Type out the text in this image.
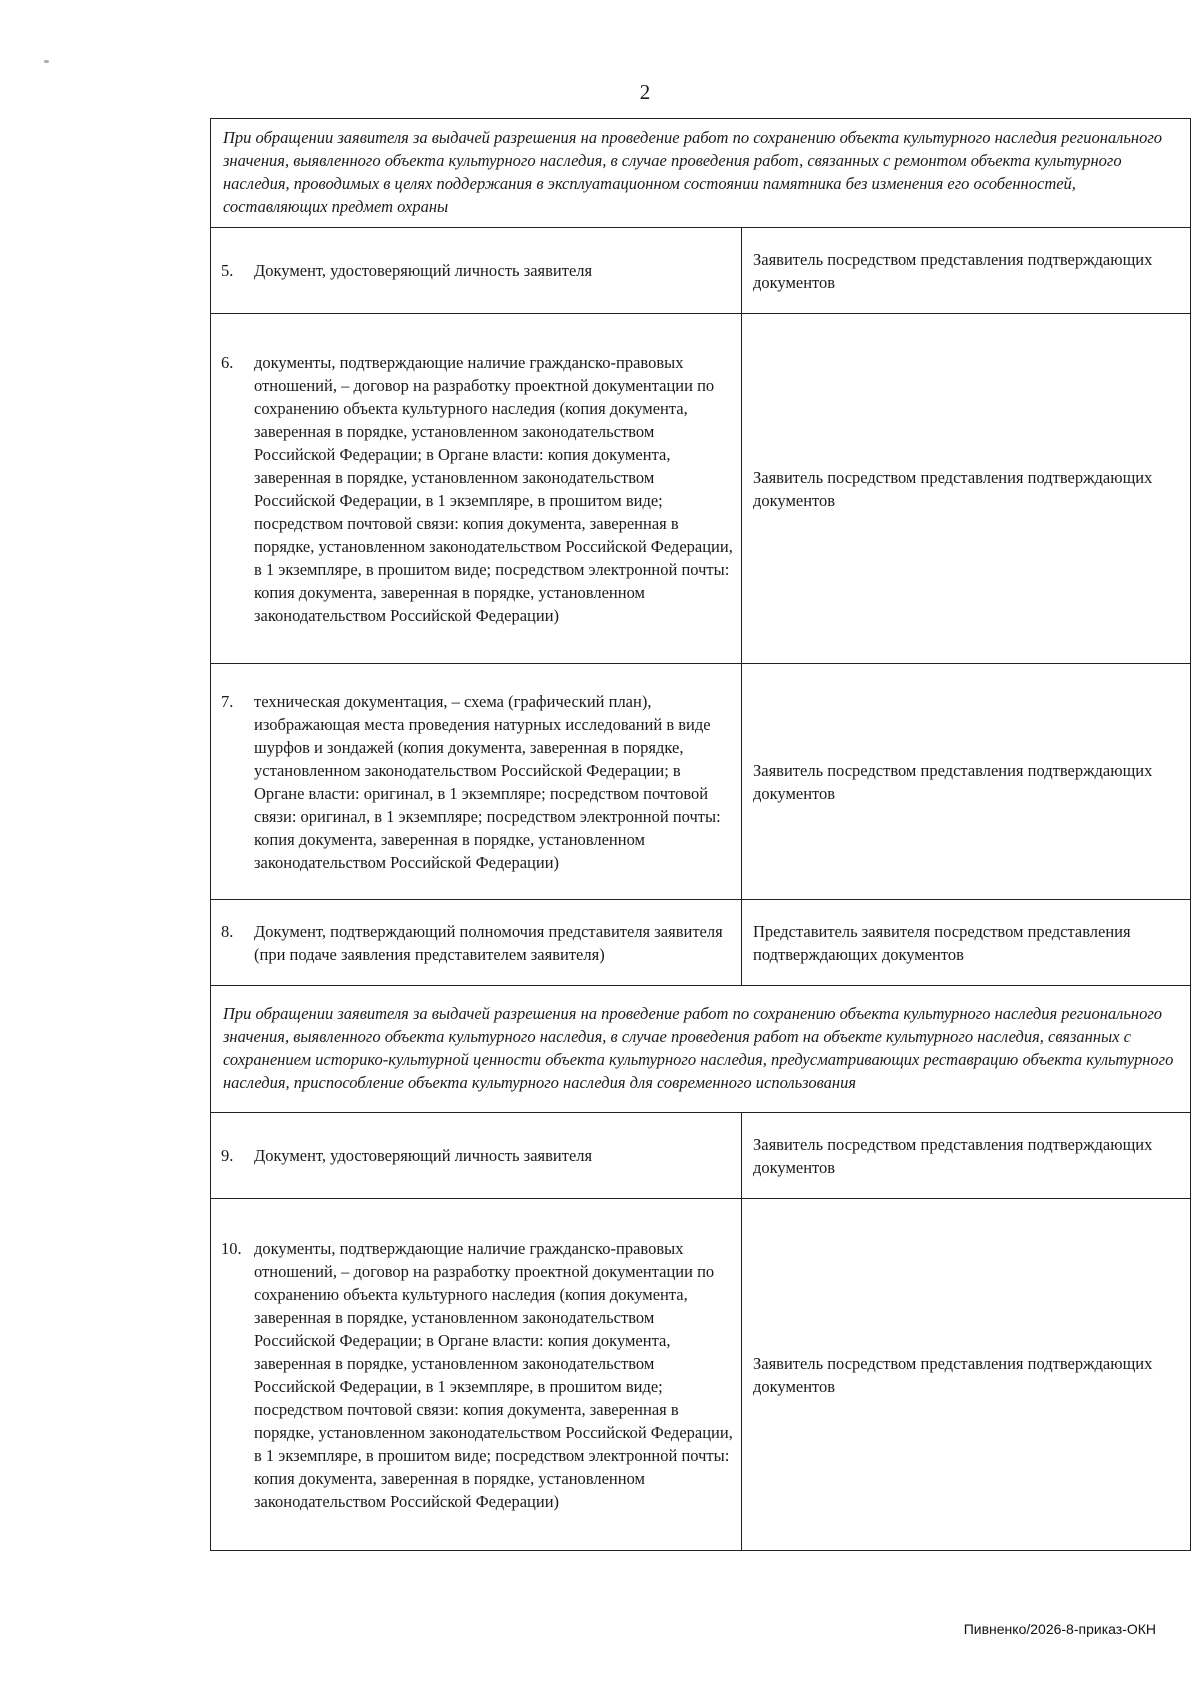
2
При обращении заявителя за выдачей разрешения на проведение работ по сохранению объекта культурного наследия регионального значения, выявленного объекта культурного наследия, в случае проведения работ, связанных с ремонтом объекта культурного наследия, проводимых в целях поддержания в эксплуатационном состоянии памятника без изменения его особенностей, составляющих предмет охраны	

5. Документ, удостоверяющий личность заявителя	Заявитель посредством представления подтверждающих документов

6. документы, подтверждающие наличие гражданско-правовых отношений, – договор на разработку проектной документации по сохранению объекта культурного наследия (копия документа, заверенная в порядке, установленном законодательством Российской Федерации; в Органе власти: копия документа, заверенная в порядке, установленном законодательством Российской Федерации, в 1 экземпляре, в прошитом виде; посредством почтовой связи: копия документа, заверенная в порядке, установленном законодательством Российской Федерации, в 1 экземпляре, в прошитом виде; посредством электронной почты: копия документа, заверенная в порядке, установленном законодательством Российской Федерации)	Заявитель посредством представления подтверждающих документов

7. техническая документация, – схема (графический план), изображающая места проведения натурных исследований в виде шурфов и зондажей (копия документа, заверенная в порядке, установленном законодательством Российской Федерации; в Органе власти: оригинал, в 1 экземпляре; посредством почтовой связи: оригинал, в 1 экземпляре; посредством электронной почты: копия документа, заверенная в порядке, установленном законодательством Российской Федерации)	Заявитель посредством представления подтверждающих документов

8. Документ, подтверждающий полномочия представителя заявителя (при подаче заявления представителем заявителя)	Представитель заявителя посредством представления подтверждающих документов
При обращении заявителя за выдачей разрешения на проведение работ по сохранению объекта культурного наследия регионального значения, выявленного объекта культурного наследия, в случае проведения работ на объекте культурного наследия, связанных с сохранением историко-культурной ценности объекта культурного наследия, предусматривающих реставрацию объекта культурного наследия, приспособление объекта культурного наследия для современного использования	

9. Документ, удостоверяющий личность заявителя	Заявитель посредством представления подтверждающих документов

10. документы, подтверждающие наличие гражданско-правовых отношений, – договор на разработку проектной документации по сохранению объекта культурного наследия (копия документа, заверенная в порядке, установленном законодательством Российской Федерации; в Органе власти: копия документа, заверенная в порядке, установленном законодательством Российской Федерации, в 1 экземпляре, в прошитом виде; посредством почтовой связи: копия документа, заверенная в порядке, установленном законодательством Российской Федерации, в 1 экземпляре, в прошитом виде; посредством электронной почты: копия документа, заверенная в порядке, установленном законодательством Российской Федерации)	Заявитель посредством представления подтверждающих документов
Пивненко/2026-8-приказ-ОКН
